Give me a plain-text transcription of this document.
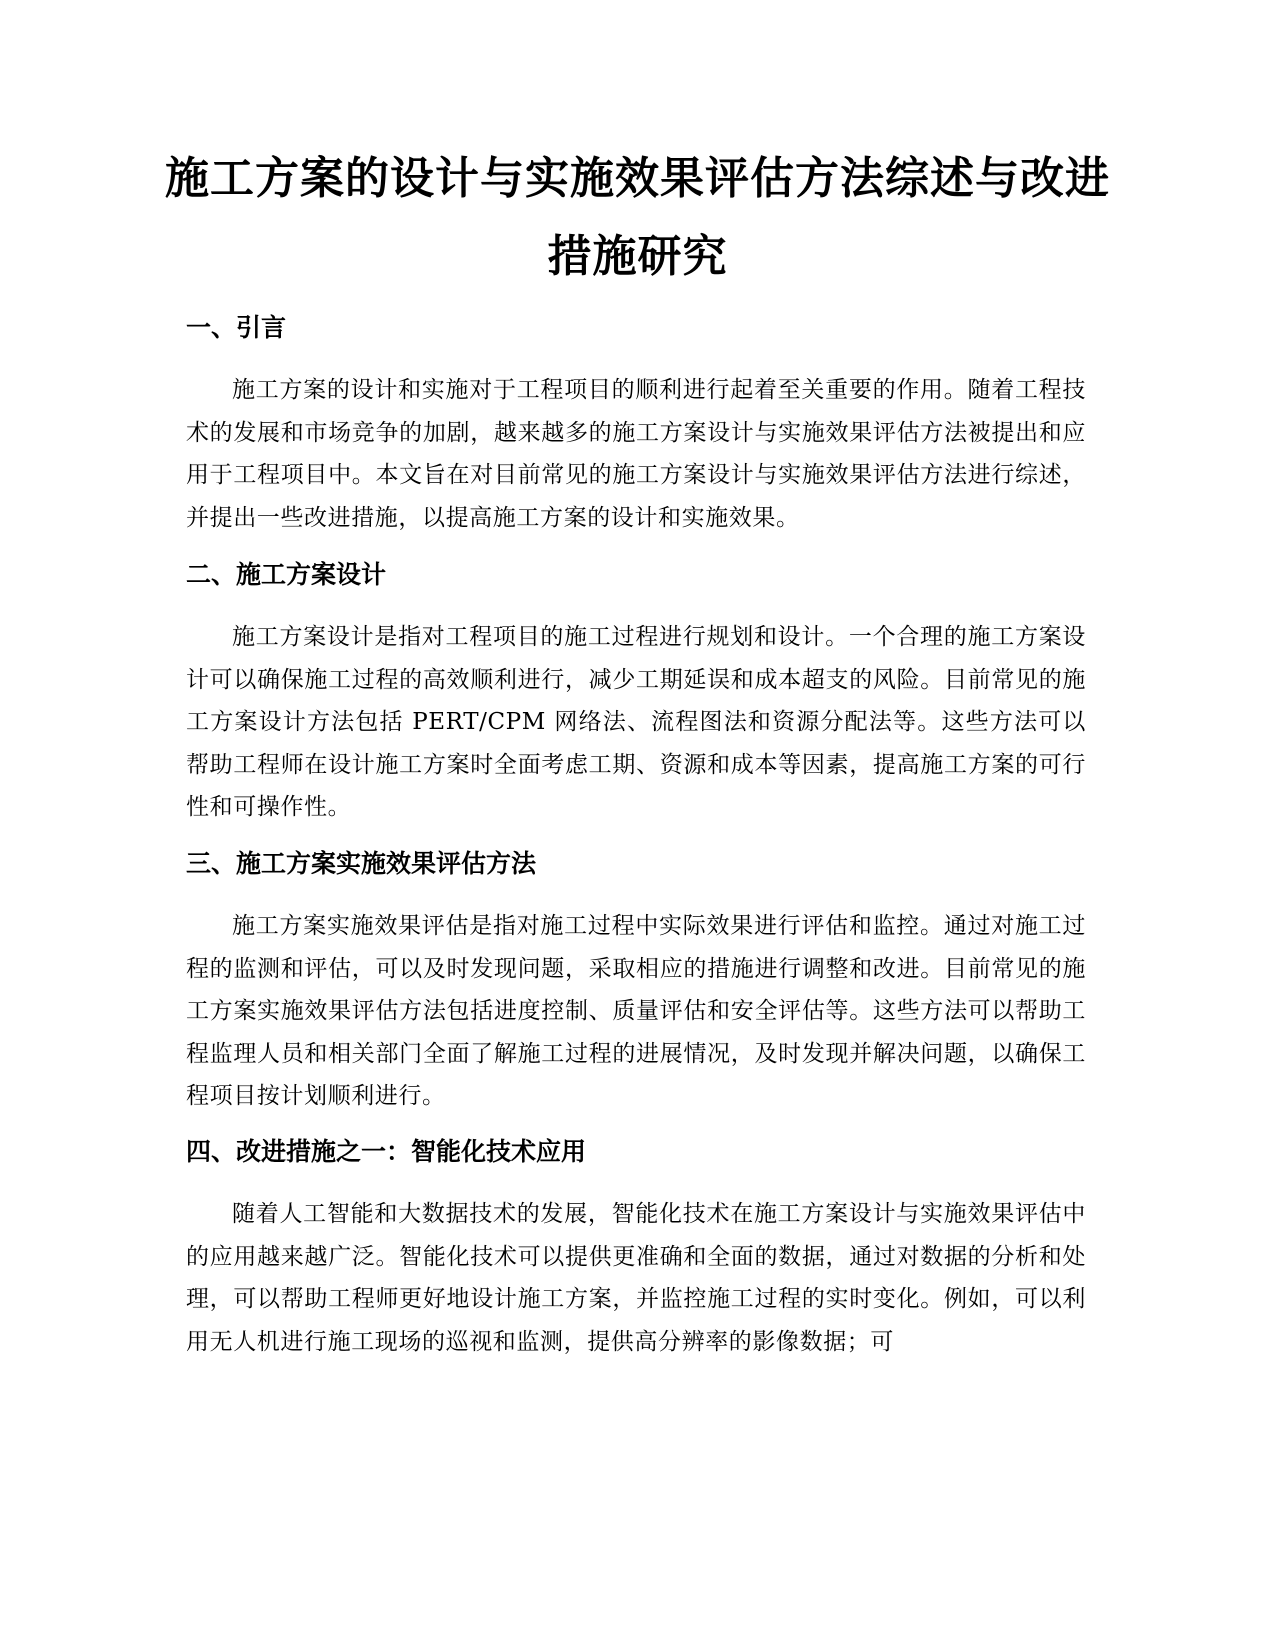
施工方案的设计与实施效果评估方法综述与改进措施研究
一、引言

施工方案的设计和实施对于工程项目的顺利进行起着至关重要的作用。随着工程技术的发展和市场竞争的加剧，越来越多的施工方案设计与实施效果评估方法被提出和应用于工程项目中。本文旨在对目前常见的施工方案设计与实施效果评估方法进行综述，并提出一些改进措施，以提高施工方案的设计和实施效果。

二、施工方案设计

施工方案设计是指对工程项目的施工过程进行规划和设计。一个合理的施工方案设计可以确保施工过程的高效顺利进行，减少工期延误和成本超支的风险。目前常见的施工方案设计方法包括 PERT/CPM 网络法、流程图法和资源分配法等。这些方法可以帮助工程师在设计施工方案时全面考虑工期、资源和成本等因素，提高施工方案的可行性和可操作性。

三、施工方案实施效果评估方法

施工方案实施效果评估是指对施工过程中实际效果进行评估和监控。通过对施工过程的监测和评估，可以及时发现问题，采取相应的措施进行调整和改进。目前常见的施工方案实施效果评估方法包括进度控制、质量评估和安全评估等。这些方法可以帮助工程监理人员和相关部门全面了解施工过程的进展情况，及时发现并解决问题，以确保工程项目按计划顺利进行。

四、改进措施之一：智能化技术应用

随着人工智能和大数据技术的发展，智能化技术在施工方案设计与实施效果评估中的应用越来越广泛。智能化技术可以提供更准确和全面的数据，通过对数据的分析和处理，可以帮助工程师更好地设计施工方案，并监控施工过程的实时变化。例如，可以利用无人机进行施工现场的巡视和监测，提供高分辨率的影像数据；可
